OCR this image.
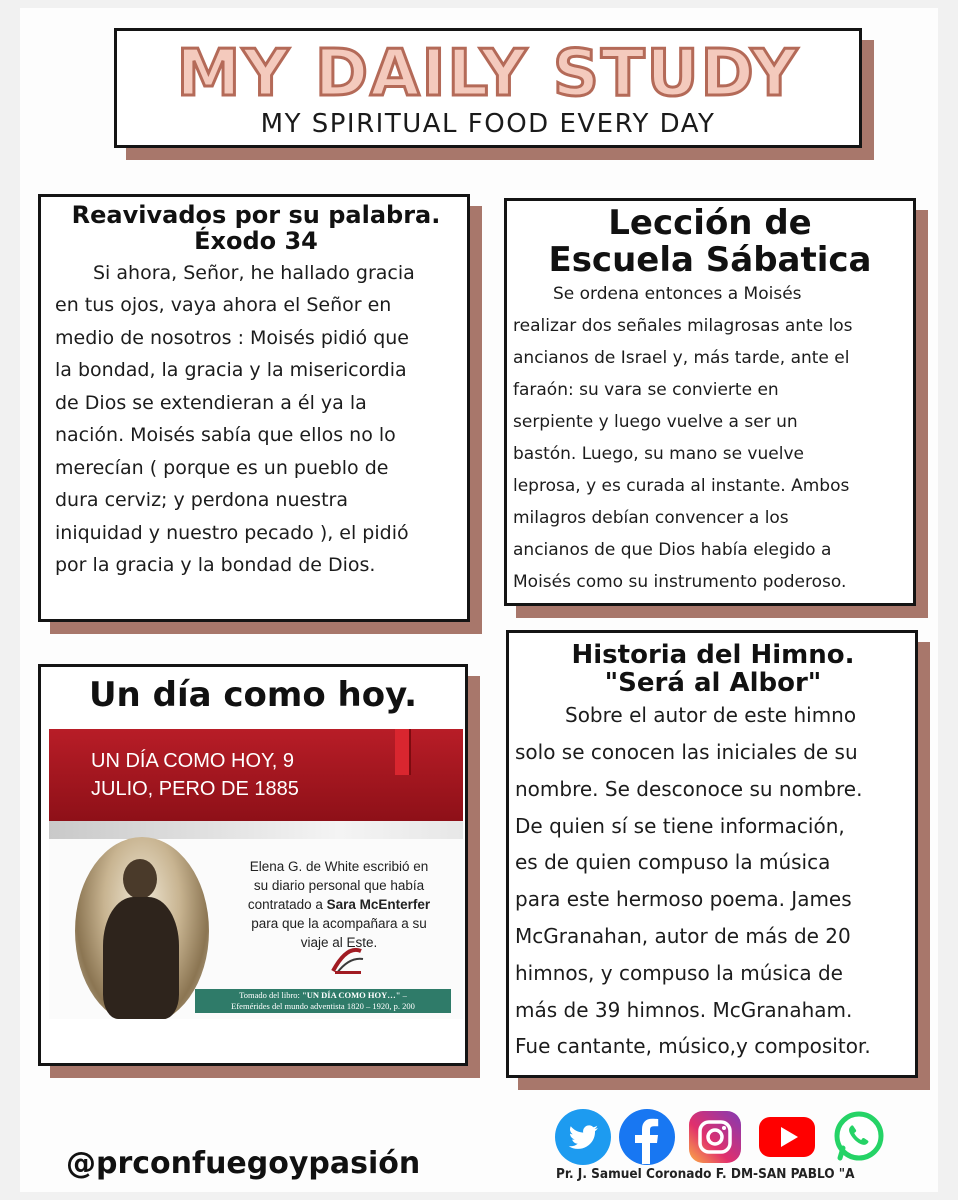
MY DAILY STUDY
MY SPIRITUAL FOOD EVERY DAY
Reavivados por su palabra.
Éxodo 34
Si ahora, Señor, he hallado gracia
en tus ojos, vaya ahora el Señor en
medio de nosotros : Moisés pidió que
la bondad, la gracia y la misericordia
de Dios se extendieran a él ya la
nación. Moisés sabía que ellos no lo
merecían ( porque es un pueblo de
dura cerviz; y perdona nuestra
iniquidad y nuestro pecado ), el pidió
por la gracia y la bondad de Dios.
Lección de
Escuela Sábatica
Se ordena entonces a Moisés
realizar dos señales milagrosas ante los
ancianos de Israel y, más tarde, ante el
faraón: su vara se convierte en
serpiente y luego vuelve a ser un
bastón. Luego, su mano se vuelve
leprosa, y es curada al instante. Ambos
milagros debían convencer a los
ancianos de que Dios había elegido a
Moisés como su instrumento poderoso.
Un día como hoy.
UN DÍA COMO HOY, 9
JULIO, PERO DE 1885
Elena G. de White escribió en
su diario personal que había
contratado a Sara McEnterfer
para que la acompañara a su
viaje al Este.
Tomado del libro: "UN DÍA COMO HOY…" –
Efemérides del mundo adventista 1820 – 1920, p. 200
Historia del Himno.
"Será al Albor"
Sobre el autor de este himno
solo se conocen las iniciales de su
nombre. Se desconoce su nombre.
De quien sí se tiene información,
es de quien compuso la música
para este hermoso poema. James
McGranahan, autor de más de 20
himnos, y compuso la música de
más de 39 himnos. McGranaham.
Fue cantante, músico,y compositor.
@prconfuegoypasión	Pr. J. Samuel Coronado F. DM-SAN PABLO "A
